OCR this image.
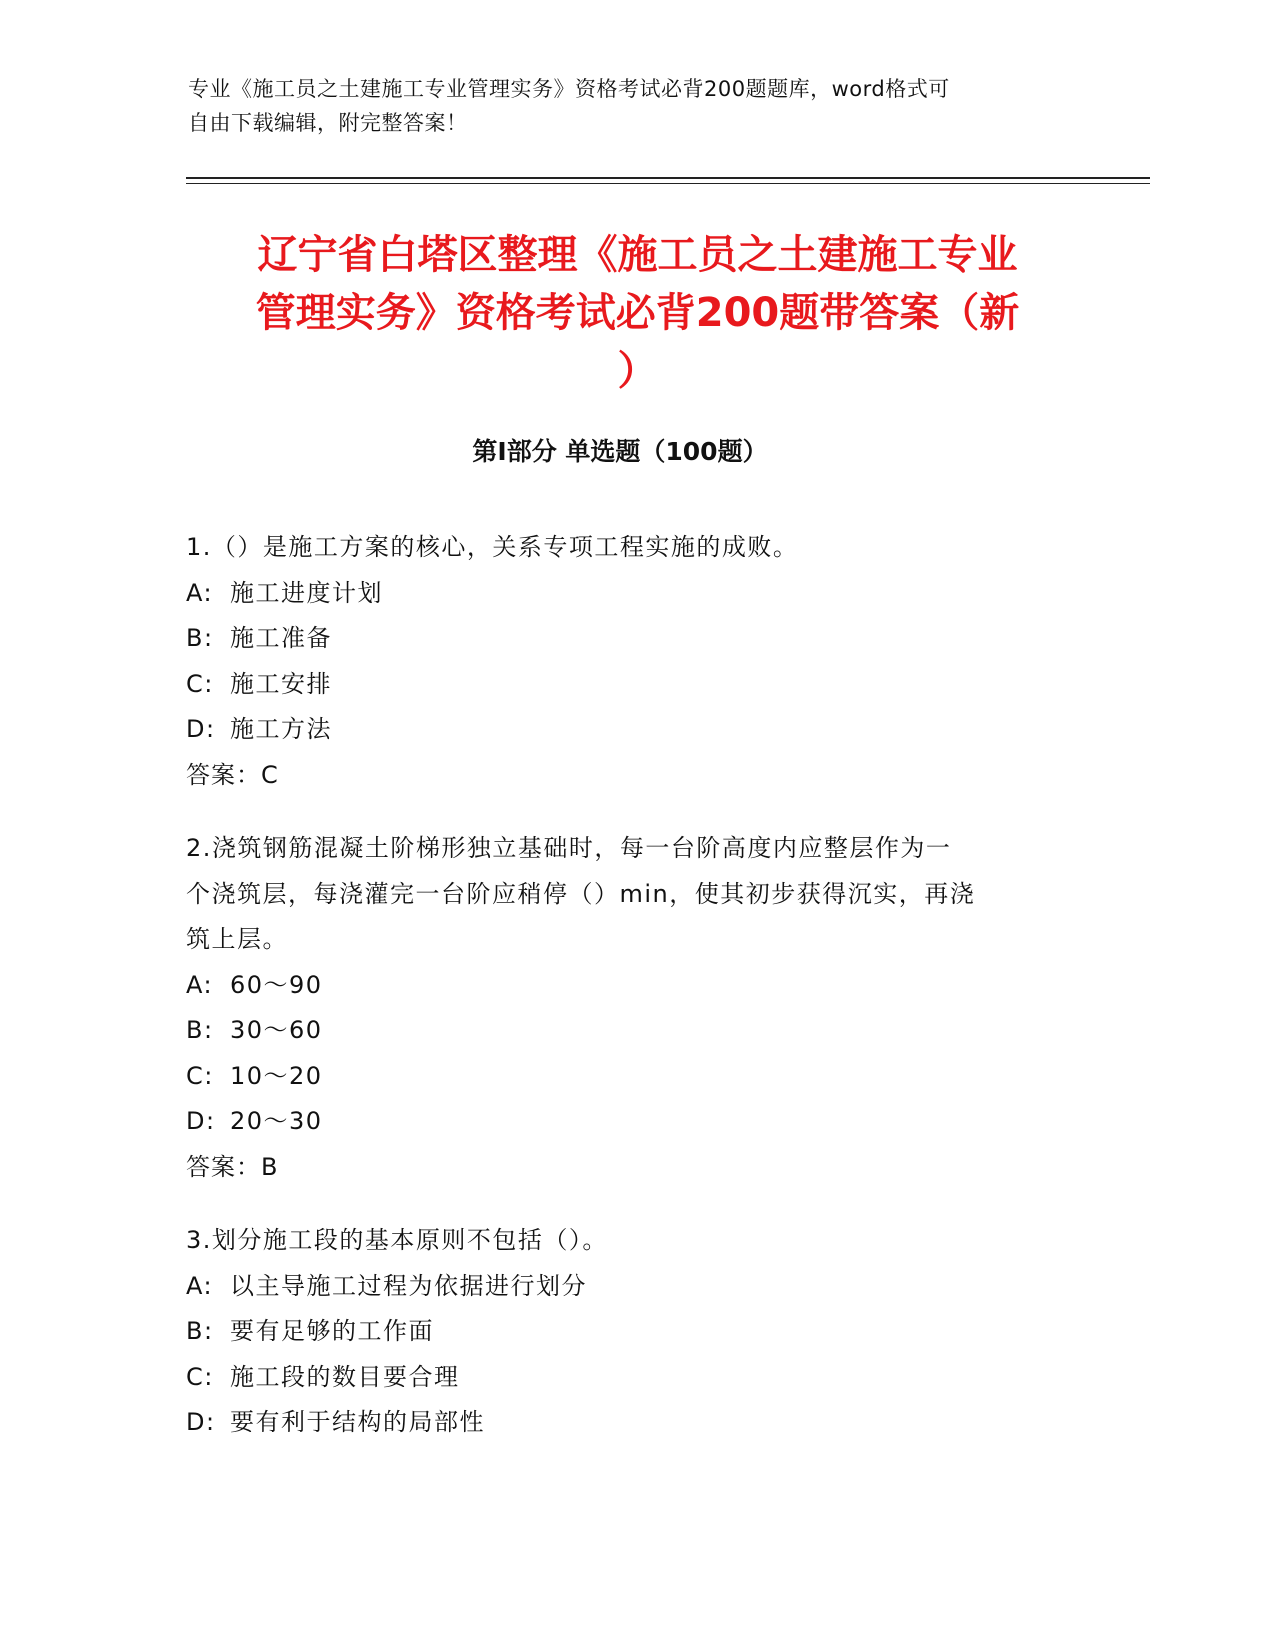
专业《施工员之土建施工专业管理实务》资格考试必背200题题库，word格式可

自由下载编辑，附完整答案！

辽宁省白塔区整理《施工员之土建施工专业
管理实务》资格考试必背200题带答案（新
）
第Ⅰ部分 单选题（100题）

1.（）是施工方案的核心，关系专项工程实施的成败。

A: 施工进度计划

B: 施工准备

C: 施工安排

D: 施工方法

答案：C

2.浇筑钢筋混凝土阶梯形独立基础时，每一台阶高度内应整层作为一

个浇筑层，每浇灌完一台阶应稍停（）min，使其初步获得沉实，再浇

筑上层。

A: 60～90

B: 30～60

C: 10～20

D: 20～30

答案：B

3.划分施工段的基本原则不包括（）。

A: 以主导施工过程为依据进行划分

B: 要有足够的工作面

C: 施工段的数目要合理

D: 要有利于结构的局部性
